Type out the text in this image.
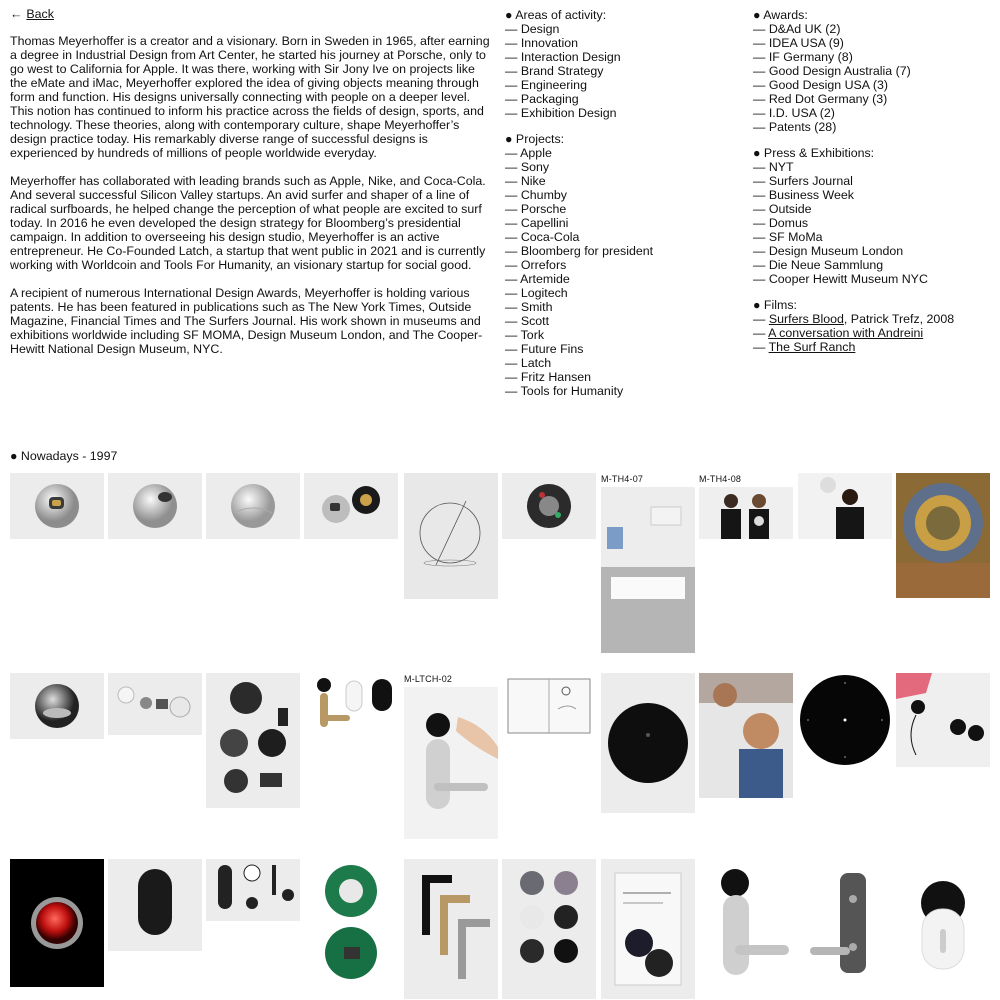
← Back

Thomas Meyerhoffer is a creator and a visionary. Born in Sweden in 1965, after earning a degree in Industrial Design from Art Center, he started his journey at Porsche, only to go west to California for Apple. It was there, working with Sir Jony Ive on projects like the eMate and iMac, Meyerhoffer explored the idea of giving objects meaning through form and function. His designs universally connecting with people on a deeper level. This notion has continued to inform his practice across the fields of design, sports, and technology. These theories, along with contemporary culture, shape Meyerhoffer’s design practice today. His remarkably diverse range of successful designs is experienced by hundreds of millions of people worldwide everyday.

Meyerhoffer has collaborated with leading brands such as Apple, Nike, and Coca-Cola. And several successful Silicon Valley startups. An avid surfer and shaper of a line of radical surfboards, he helped change the perception of what people are excited to surf today. In 2016 he even developed the design strategy for Bloomberg’s presidential campaign. In addition to overseeing his design studio, Meyerhoffer is an active entrepreneur. He Co-Founded Latch, a startup that went public in 2021 and is currently working with Worldcoin and Tools For Humanity, an visionary startup for social good.

A recipient of numerous International Design Awards, Meyerhoffer is holding various patents. He has been featured in publications such as The New York Times, Outside Magazine, Financial Times and The Surfers Journal. His work shown in museums and exhibitions worldwide including SF MOMA, Design Museum London, and The Cooper-Hewitt National Design Museum, NYC.

● Areas of activity:
— Design
— Innovation
— Interaction Design
— Brand Strategy
— Engineering
— Packaging
— Exhibition Design
● Projects:
— Apple
— Sony
— Nike
— Chumby
— Porsche
— Capellini
— Coca-Cola
— Bloomberg for president
— Orrefors
— Artemide
— Logitech
— Smith
— Scott
— Tork
— Future Fins
— Latch
— Fritz Hansen
— Tools for Humanity
● Awards:
— D&Ad UK (2)
— IDEA USA (9)
— IF Germany (8)
— Good Design Australia (7)
— Good Design USA (3)
— Red Dot Germany (3)
— I.D. USA (2)
— Patents (28)
● Press & Exhibitions:
— NYT
— Surfers Journal
— Business Week
— Outside
— Domus
— SF MoMa
— Design Museum London
— Die Neue Sammlung
— Cooper Hewitt Museum NYC
● Films:
— Surfers Blood, Patrick Trefz, 2008
— A conversation with Andreini
— The Surf Ranch
● Nowadays - 1997
M-TH4-07	M-TH4-08
M-LTCH-02
